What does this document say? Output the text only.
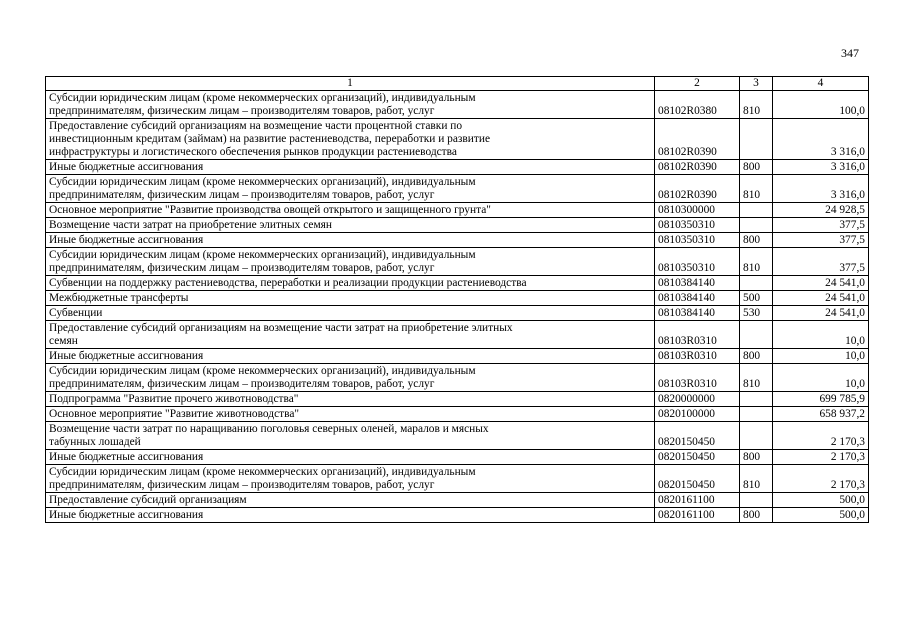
347
1	2	3	4

Субсидии юридическим лицам (кроме некоммерческих организаций), индивидуальным
предпринимателям, физическим лицам – производителям товаров, работ, услуг	08102R0380	810	100,0

Предоставление субсидий организациям на возмещение части процентной ставки по
инвестиционным кредитам (займам) на развитие растениеводства, переработки и развитие
инфраструктуры и логистического обеспечения рынков продукции растениеводства	08102R0390		3 316,0

Иные бюджетные ассигнования	08102R0390	800	3 316,0

Субсидии юридическим лицам (кроме некоммерческих организаций), индивидуальным
предпринимателям, физическим лицам – производителям товаров, работ, услуг	08102R0390	810	3 316,0

Основное мероприятие "Развитие производства овощей открытого и защищенного грунта"	0810300000		24 928,5

Возмещение части затрат на приобретение элитных семян	0810350310		377,5

Иные бюджетные ассигнования	0810350310	800	377,5

Субсидии юридическим лицам (кроме некоммерческих организаций), индивидуальным
предпринимателям, физическим лицам – производителям товаров, работ, услуг	0810350310	810	377,5

Субвенции на поддержку растениеводства, переработки и реализации продукции растениеводства	0810384140		24 541,0

Межбюджетные трансферты	0810384140	500	24 541,0

Субвенции	0810384140	530	24 541,0

Предоставление субсидий организациям на возмещение части затрат на приобретение элитных
семян	08103R0310		10,0

Иные бюджетные ассигнования	08103R0310	800	10,0

Субсидии юридическим лицам (кроме некоммерческих организаций), индивидуальным
предпринимателям, физическим лицам – производителям товаров, работ, услуг	08103R0310	810	10,0

Подпрограмма "Развитие прочего животноводства"	0820000000		699 785,9

Основное мероприятие "Развитие животноводства"	0820100000		658 937,2

Возмещение части затрат по наращиванию поголовья северных оленей, маралов и мясных
табунных лошадей	0820150450		2 170,3

Иные бюджетные ассигнования	0820150450	800	2 170,3

Субсидии юридическим лицам (кроме некоммерческих организаций), индивидуальным
предпринимателям, физическим лицам – производителям товаров, работ, услуг	0820150450	810	2 170,3

Предоставление субсидий организациям	0820161100		500,0

Иные бюджетные ассигнования	0820161100	800	500,0
